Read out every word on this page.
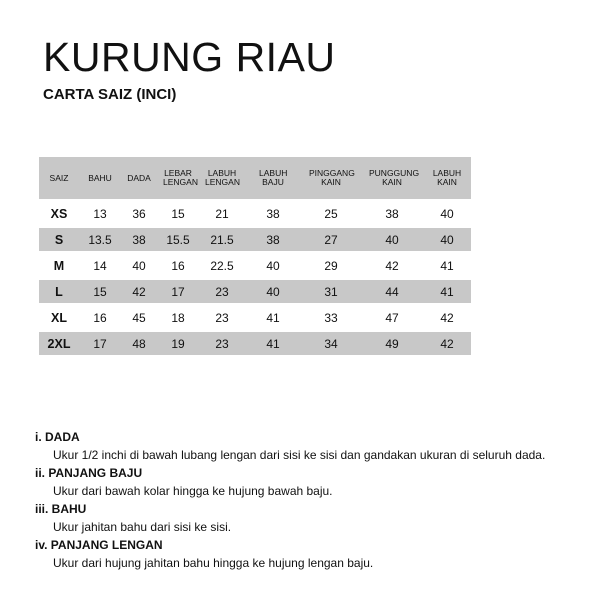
KURUNG RIAU
CARTA SAIZ (INCI)
SAIZ	BAHU	DADA	LEBAR LENGAN	LABUH LENGAN	LABUH BAJU	PINGGANG KAIN	PUNGGUNG KAIN	LABUH KAIN
XS	13	36	15	21	38	25	38	40
S	13.5	38	15.5	21.5	38	27	40	40
M	14	40	16	22.5	40	29	42	41
L	15	42	17	23	40	31	44	41
XL	16	45	18	23	41	33	47	42
2XL	17	48	19	23	41	34	49	42
i. DADA
Ukur 1/2 inchi di bawah lubang lengan dari sisi ke sisi dan gandakan ukuran di seluruh dada.
ii. PANJANG BAJU
Ukur dari bawah kolar hingga ke hujung bawah baju.
iii. BAHU
Ukur jahitan bahu dari sisi ke sisi.
iv. PANJANG LENGAN
Ukur dari hujung jahitan bahu hingga ke hujung lengan baju.
